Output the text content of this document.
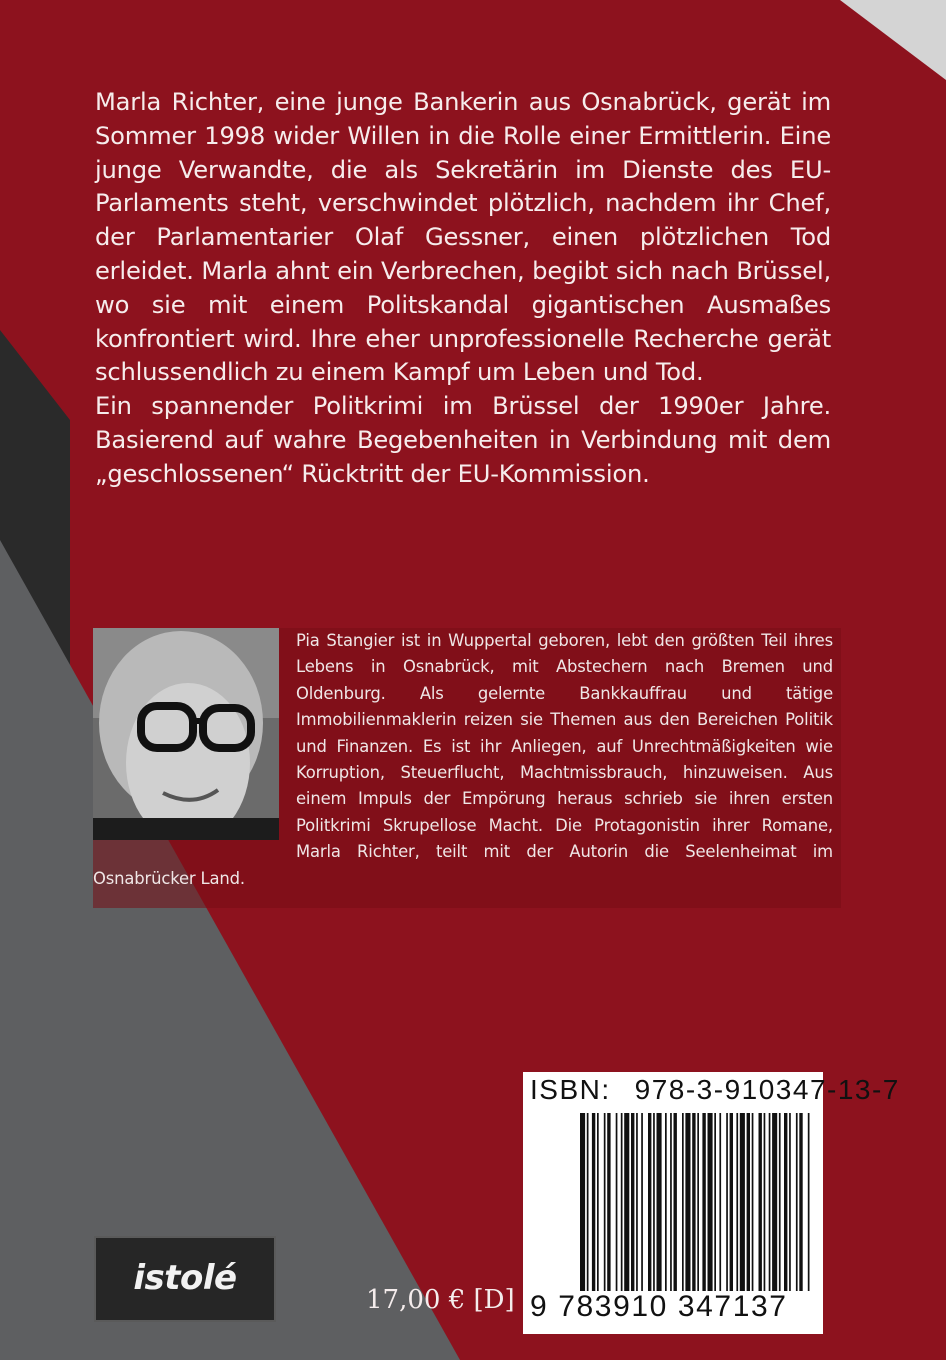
Marla Richter, eine junge Bankerin aus Osnabrück, gerät im Sommer 1998 wider Willen in die Rolle einer Ermittlerin. Eine junge Verwandte, die als Sekretärin im Dienste des EU-Parlaments steht, verschwindet plötzlich, nachdem ihr Chef, der Parlamentarier Olaf Gessner, einen plötzlichen Tod erleidet. Marla ahnt ein Verbrechen, begibt sich nach Brüssel, wo sie mit einem Politskandal gigantischen Ausmaßes konfrontiert wird. Ihre eher unprofessionelle Recherche gerät schlussendlich zu einem Kampf um Leben und Tod.

Ein spannender Politkrimi im Brüssel der 1990er Jahre. Basierend auf wahre Begebenheiten in Verbindung mit dem „geschlossenen“ Rücktritt der EU-Kommission.

Pia Stangier ist in Wuppertal geboren, lebt den größten Teil ihres Lebens in Osnabrück, mit Abstechern nach Bremen und Oldenburg. Als gelernte Bankkauffrau und tätige Immobilienmaklerin reizen sie Themen aus den Bereichen Politik und Finanzen. Es ist ihr Anliegen, auf Unrechtmäßigkeiten wie Korruption, Steuerflucht, Machtmissbrauch, hinzuweisen. Aus einem Impuls der Empörung heraus schrieb sie ihren ersten Politkrimi Skrupellose Macht. Die Protagonistin ihrer Romane, Marla Richter, teilt mit der Autorin die Seelenheimat im Osnabrücker Land.

ISBN: 978-3-910347-13-7
9 783910 347137
17,00 € [D]
istolé
